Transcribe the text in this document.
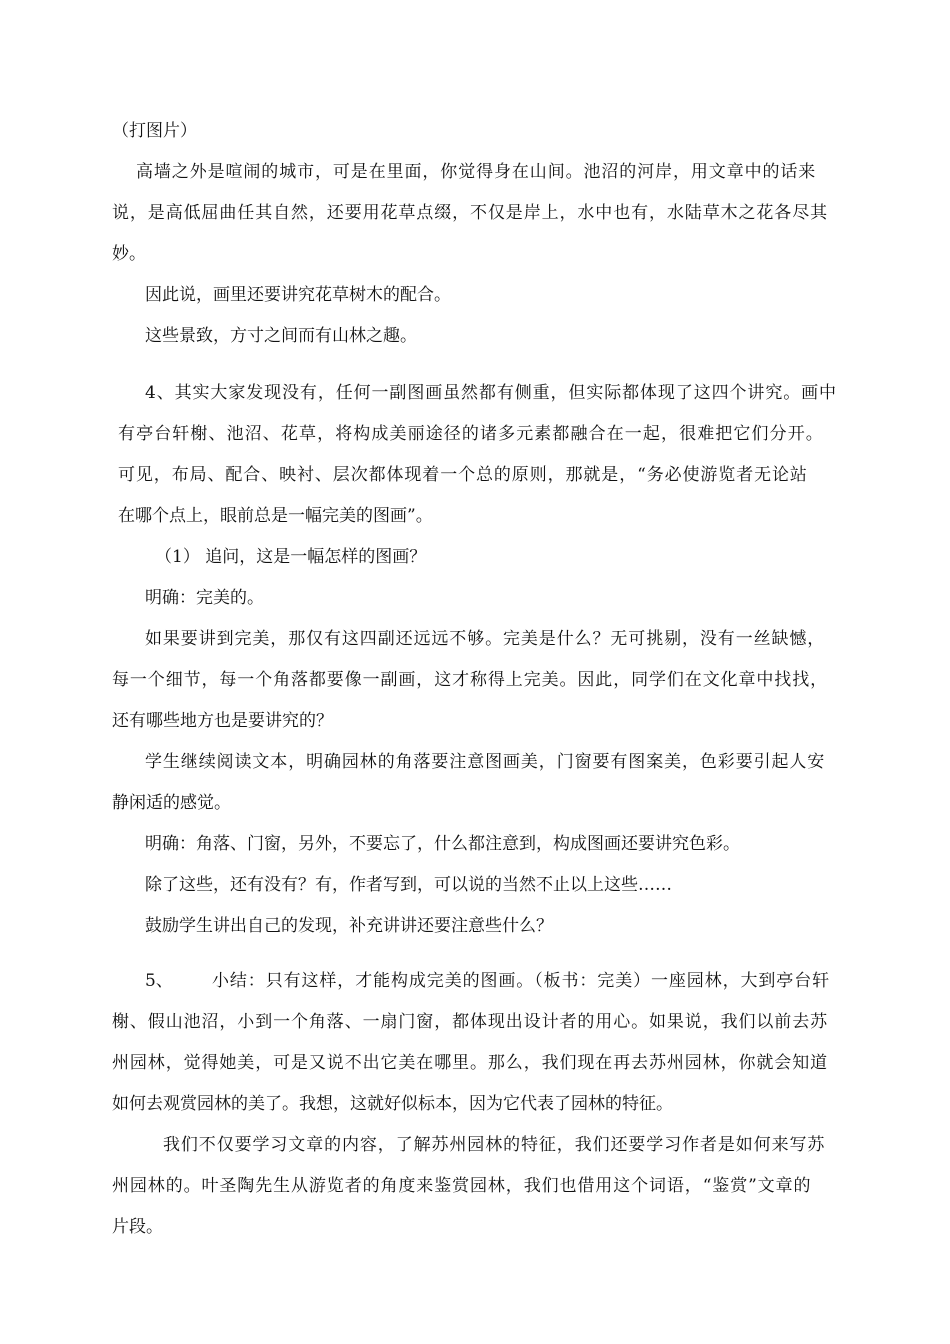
（打图片）
高墙之外是喧闹的城市，可是在里面，你觉得身在山间。池沼的河岸，用文章中的话来
说，是高低屈曲任其自然，还要用花草点缀，不仅是岸上，水中也有，水陆草木之花各尽其
妙。
因此说，画里还要讲究花草树木的配合。
这些景致，方寸之间而有山林之趣。
4、其实大家发现没有，任何一副图画虽然都有侧重，但实际都体现了这四个讲究。画中
有亭台轩榭、池沼、花草，将构成美丽途径的诸多元素都融合在一起，很难把它们分开。
可见，布局、配合、映衬、层次都体现着一个总的原则，那就是，“务必使游览者无论站
在哪个点上，眼前总是一幅完美的图画”。
（1） 追问，这是一幅怎样的图画？
明确：完美的。
如果要讲到完美，那仅有这四副还远远不够。完美是什么？无可挑剔，没有一丝缺憾，
每一个细节，每一个角落都要像一副画，这才称得上完美。因此，同学们在文化章中找找，
还有哪些地方也是要讲究的？
学生继续阅读文本，明确园林的角落要注意图画美，门窗要有图案美，色彩要引起人安
静闲适的感觉。
明确：角落、门窗，另外，不要忘了，什么都注意到，构成图画还要讲究色彩。
除了这些，还有没有？有，作者写到，可以说的当然不止以上这些……
鼓励学生讲出自己的发现，补充讲讲还要注意些什么？
5、 小结：只有这样，才能构成完美的图画。（板书：完美）一座园林，大到亭台轩
榭、假山池沼，小到一个角落、一扇门窗，都体现出设计者的用心。如果说，我们以前去苏
州园林，觉得她美，可是又说不出它美在哪里。那么，我们现在再去苏州园林，你就会知道
如何去观赏园林的美了。我想，这就好似标本，因为它代表了园林的特征。
我们不仅要学习文章的内容，了解苏州园林的特征，我们还要学习作者是如何来写苏
州园林的。叶圣陶先生从游览者的角度来鉴赏园林，我们也借用这个词语，“鉴赏”文章的
片段。
